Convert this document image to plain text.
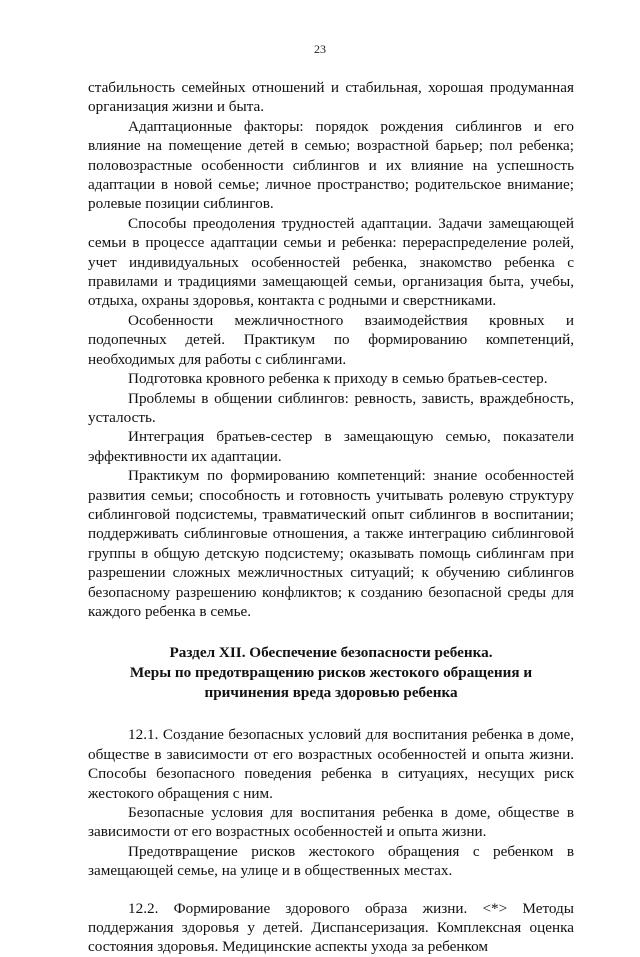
23

стабильность семейных отношений и стабильная, хорошая продуманная организация жизни и быта.

Адаптационные факторы: порядок рождения сиблингов и его влияние на помещение детей в семью; возрастной барьер; пол ребенка; половозрастные особенности сиблингов и их влияние на успешность адаптации в новой семье; личное пространство; родительское внимание; ролевые позиции сиблингов.

Способы преодоления трудностей адаптации. Задачи замещающей семьи в процессе адаптации семьи и ребенка: перераспределение ролей, учет индивидуальных особенностей ребенка, знакомство ребенка с правилами и традициями замещающей семьи, организация быта, учебы, отдыха, охраны здоровья, контакта с родными и сверстниками.

Особенности межличностного взаимодействия кровных и подопечных детей. Практикум по формированию компетенций, необходимых для работы с сиблингами.

Подготовка кровного ребенка к приходу в семью братьев-сестер.

Проблемы в общении сиблингов: ревность, зависть, враждебность, усталость.

Интеграция братьев-сестер в замещающую семью, показатели эффективности их адаптации.

Практикум по формированию компетенций: знание особенностей развития семьи; способность и готовность учитывать ролевую структуру сиблинговой подсистемы, травматический опыт сиблингов в воспитании; поддерживать сиблинговые отношения, а также интеграцию сиблинговой группы в общую детскую подсистему; оказывать помощь сиблингам при разрешении сложных межличностных ситуаций; к обучению сиблингов безопасному разрешению конфликтов; к созданию безопасной среды для каждого ребенка в семье.

Раздел XII. Обеспечение безопасности ребенка.
Меры по предотвращению рисков жестокого обращения и
причинения вреда здоровью ребенка

12.1. Создание безопасных условий для воспитания ребенка в доме, обществе в зависимости от его возрастных особенностей и опыта жизни. Способы безопасного поведения ребенка в ситуациях, несущих риск жестокого обращения с ним.

Безопасные условия для воспитания ребенка в доме, обществе в зависимости от его возрастных особенностей и опыта жизни.

Предотвращение рисков жестокого обращения с ребенком в замещающей семье, на улице и в общественных местах.

12.2. Формирование здорового образа жизни. <*> Методы поддержания здоровья у детей. Диспансеризация. Комплексная оценка состояния здоровья. Медицинские аспекты ухода за ребенком
